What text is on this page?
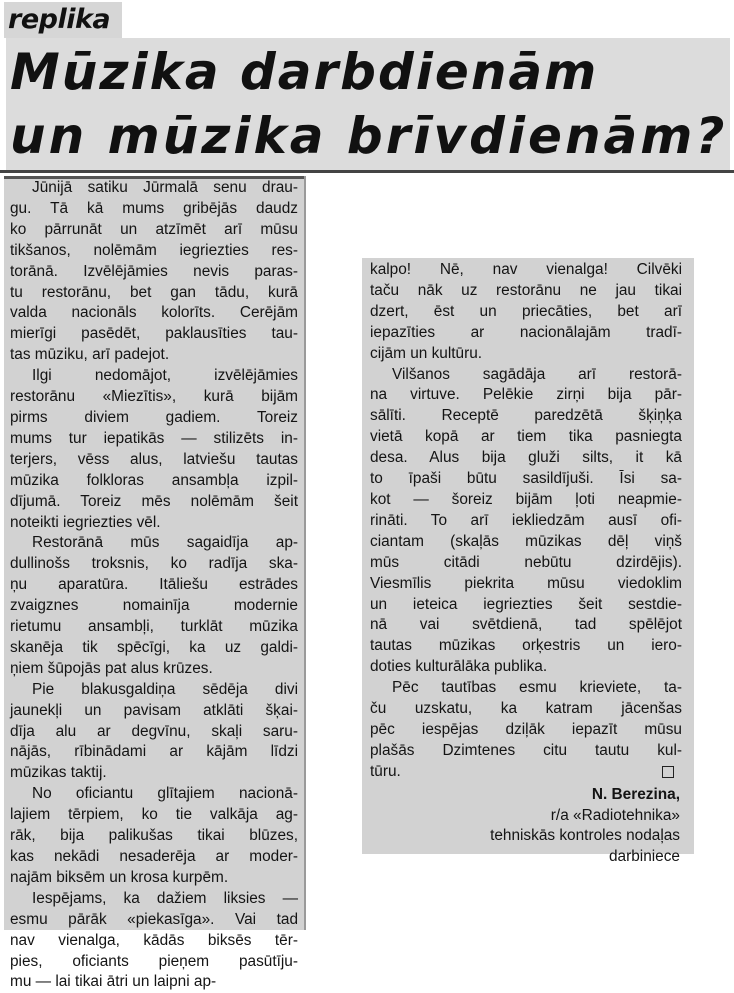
replika
Mūzika darbdienām
un mūzika brīvdienām?
Jūnijā satiku Jūrmalā senu drau-
gu. Tā kā mums gribējās daudz
ko pārrunāt un atzīmēt arī mūsu
tikšanos, nolēmām iegriezties res-
torānā. Izvēlējāmies nevis paras-
tu restorānu, bet gan tādu, kurā
valda nacionāls kolorīts. Cerējām
mierīgi pasēdēt, paklausīties tau-
tas mūziku, arī padejot.
Ilgi nedomājot, izvēlējāmies
restorānu «Miezītis», kurā bijām
pirms diviem gadiem. Toreiz
mums tur iepatikās — stilizēts in-
terjers, vēss alus, latviešu tautas
mūzika folkloras ansambļa izpil-
dījumā. Toreiz mēs nolēmām šeit
noteikti iegriezties vēl.
Restorānā mūs sagaidīja ap-
dullinošs troksnis, ko radīja ska-
ņu aparatūra. Itāliešu estrādes
zvaigznes nomainīja modernie
rietumu ansambļi, turklāt mūzika
skanēja tik spēcīgi, ka uz galdi-
ņiem šūpojās pat alus krūzes.
Pie blakusgaldiņa sēdēja divi
jaunekļi un pavisam atklāti šķai-
dīja alu ar degvīnu, skaļi saru-
nājās, rībinādami ar kājām līdzi
mūzikas taktij.
No oficiantu glītajiem nacionā-
lajiem tērpiem, ko tie valkāja ag-
rāk, bija palikušas tikai blūzes,
kas nekādi nesaderēja ar moder-
najām biksēm un krosa kurpēm.
Iespējams, ka dažiem liksies —
esmu pārāk «piekasīga». Vai tad
nav vienalga, kādās biksēs tēr-
pies, oficiants pieņem pasūtīju-
mu — lai tikai ātri un laipni ap-
kalpo! Nē, nav vienalga! Cilvēki
taču nāk uz restorānu ne jau tikai
dzert, ēst un priecāties, bet arī
iepazīties ar nacionālajām tradī-
cijām un kultūru.
Vilšanos sagādāja arī restorā-
na virtuve. Pelēkie zirņi bija pār-
sālīti. Receptē paredzētā šķiņķa
vietā kopā ar tiem tika pasniegta
desa. Alus bija gluži silts, it kā
to īpaši būtu sasildījuši. Īsi sa-
kot — šoreiz bijām ļoti neapmie-
rināti. To arī iekliedzām ausī ofi-
ciantam (skaļās mūzikas dēļ viņš
mūs citādi nebūtu dzirdējis).
Viesmīlis piekrita mūsu viedoklim
un ieteica iegriezties šeit sestdie-
nā vai svētdienā, tad spēlējot
tautas mūzikas orķestris un iero-
doties kulturālāka publika.
Pēc tautības esmu krieviete, ta-
ču uzskatu, ka katram jācenšas
pēc iespējas dziļāk iepazīt mūsu
plašās Dzimtenes citu tautu kul-
tūru.
N. Berezina,
r/a «Radiotehnika»
tehniskās kontroles nodaļas
darbiniece
